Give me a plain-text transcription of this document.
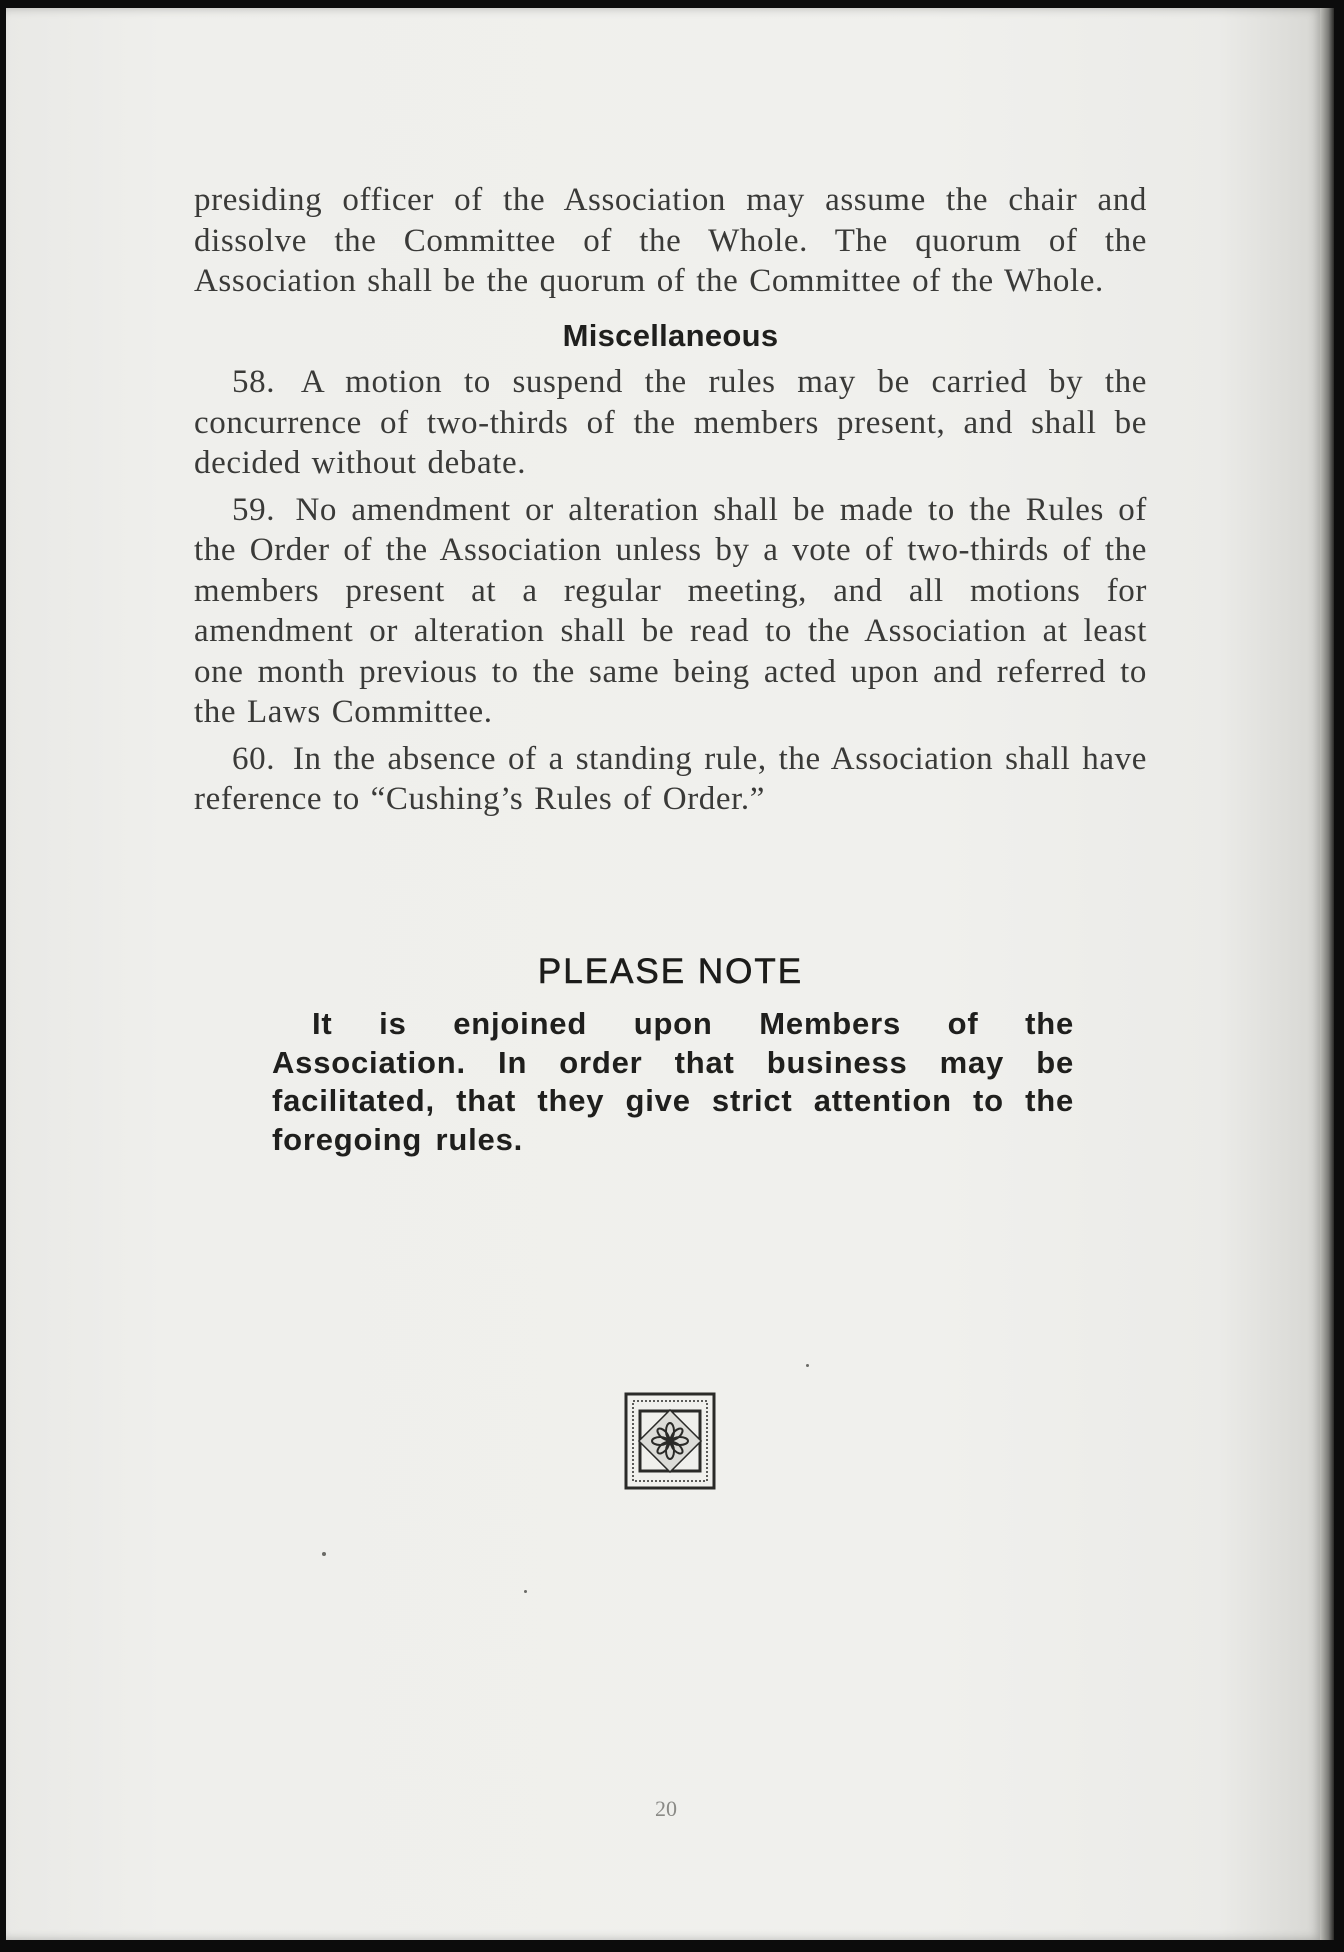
presiding officer of the Association may assume the chair and dissolve the Committee of the Whole. The quorum of the Association shall be the quorum of the Committee of the Whole.

Miscellaneous

58. A motion to suspend the rules may be carried by the concurrence of two-thirds of the members present, and shall be decided without debate.

59. No amendment or alteration shall be made to the Rules of the Order of the Association unless by a vote of two-thirds of the members present at a regular meeting, and all motions for amendment or alteration shall be read to the Association at least one month previous to the same being acted upon and referred to the Laws Committee.

60. In the absence of a standing rule, the Association shall have reference to “Cushing’s Rules of Order.”

PLEASE NOTE
It is enjoined upon Members of the Association. In order that business may be facilitated, that they give strict attention to the foregoing rules.
20
